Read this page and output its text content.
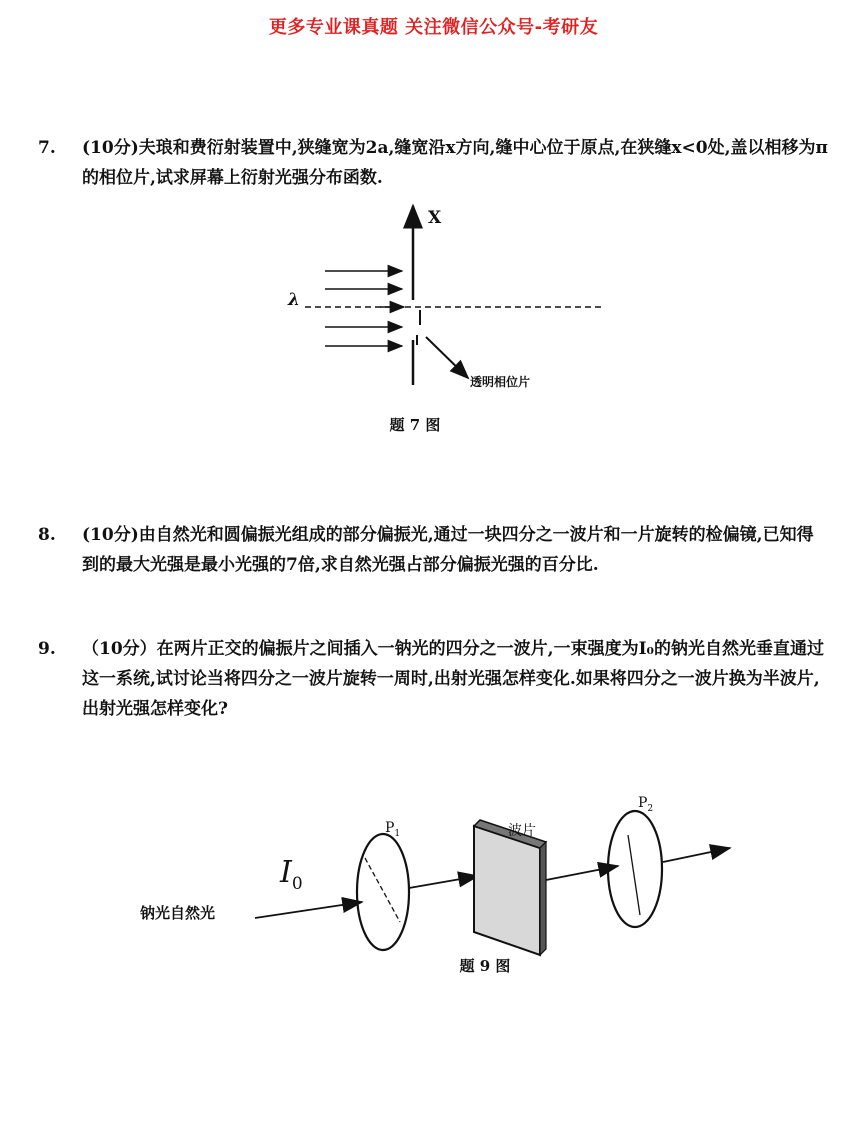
更多专业课真题 关注微信公众号-考研友
7. (10分)夫琅和费衍射装置中,狭缝宽为2a,缝宽沿x方向,缝中心位于原点,在狭缝x<0处,盖以相移为π的相位片,试求屏幕上衍射光强分布函数.
X
λ
透明相位片
题 7 图
8. (10分)由自然光和圆偏振光组成的部分偏振光,通过一块四分之一波片和一片旋转的检偏镜,已知得到的最大光强是最小光强的7倍,求自然光强占部分偏振光强的百分比.
9. （10分）在两片正交的偏振片之间插入一钠光的四分之一波片,一束强度为I₀的钠光自然光垂直通过这一系统,试讨论当将四分之一波片旋转一周时,出射光强怎样变化.如果将四分之一波片换为半波片,出射光强怎样变化?
钠光自然光
$I_0$
$P_1$	波片
$P_2$
题 9 图
